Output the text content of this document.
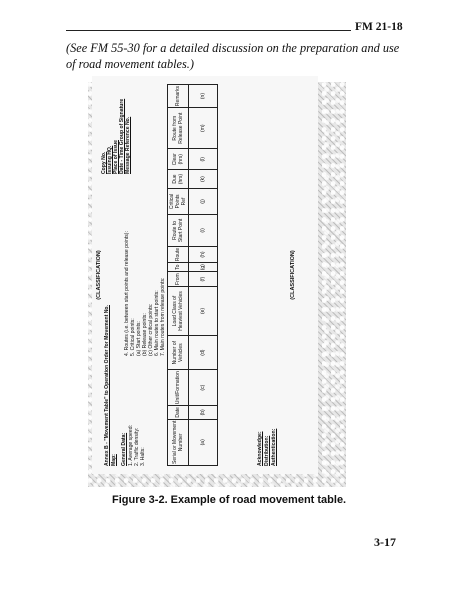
FM 21-18
(See FM 55-30 for a detailed discussion on the preparation and use of road movement tables.)
(CLASSIFICATION)
Annex B - "Movement Table" to Operation Order for Movement No. Map: General Data: 1. Average speed: 2. Traffic density: 3. Halts:
4. Routes (i.e. between start points and release points): 5. Critical points: (a) Start points: (b) Release points: (c) Other critical points: 6. Main routes to start points: 7. Main routes from release points:
Copy No. Issuing HQ. Place of Issue Date - Time Group of Signature Message Reference No.
Serial or Movement Number	Date	Unit/Formation	Number of Vehicles	Load Class of Heaviest Vehicles	From	To	Route	Route to Start Point	Critical Points Ref	Due (hrs)	Clear (hrs)	Route from Release Point	Remarks
(a)	(b)	(c)	(d)	(e)	(f)	(g)	(h)	(i)	(j)	(k)	(l)	(m)	(n)
Acknowledge: Distribution: Authentication:
(CLASSIFICATION)
Figure 3-2. Example of road movement table.
3-17
